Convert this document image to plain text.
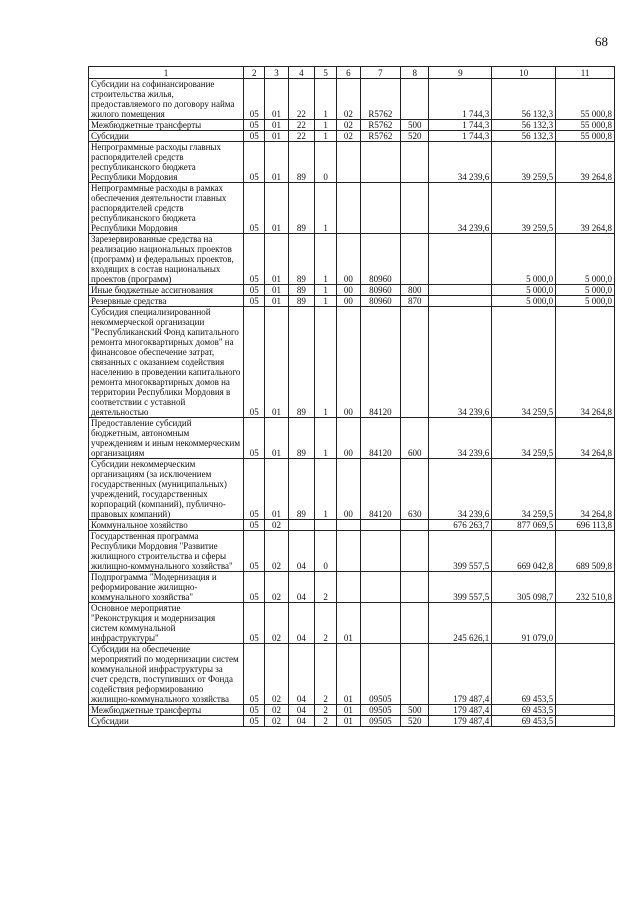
68
1	2	3	4	5	6	7	8	9	10	11
Субсидии на софинансирование строительства жилья, предоставляемого по договору найма жилого помещения	05	01	22	1	02	R5762		1 744,3	56 132,3	55 000,8
Межбюджетные трансферты	05	01	22	1	02	R5762	500	1 744,3	56 132,3	55 000,8
Субсидии	05	01	22	1	02	R5762	520	1 744,3	56 132,3	55 000,8
Непрограммные расходы главных распорядителей средств республиканского бюджета Республики Мордовия	05	01	89	0				34 239,6	39 259,5	39 264,8
Непрограммные расходы в рамках обеспечения деятельности главных распорядителей средств республиканского бюджета Республики Мордовия	05	01	89	1				34 239,6	39 259,5	39 264,8
Зарезервированные средства на реализацию национальных проектов (программ) и федеральных проектов, входящих в состав национальных проектов (программ)	05	01	89	1	00	80960			5 000,0	5 000,0
Иные бюджетные ассигнования	05	01	89	1	00	80960	800		5 000,0	5 000,0
Резервные средства	05	01	89	1	00	80960	870		5 000,0	5 000,0
Субсидия специализированной некоммерческой организации "Республиканский Фонд капитального ремонта многоквартирных домов" на финансовое обеспечение затрат, связанных с оказанием содействия населению в проведении капитального ремонта многоквартирных домов на территории Республики Мордовия в соответствии с уставной деятельностью	05	01	89	1	00	84120		34 239,6	34 259,5	34 264,8
Предоставление субсидий бюджетным, автономным учреждениям и иным некоммерческим организациям	05	01	89	1	00	84120	600	34 239,6	34 259,5	34 264,8
Субсидии некоммерческим организациям (за исключением государственных (муниципальных) учреждений, государственных корпораций (компаний), публично-правовых компаний)	05	01	89	1	00	84120	630	34 239,6	34 259,5	34 264,8
Коммунальное хозяйство	05	02						676 263,7	877 069,5	696 113,8
Государственная программа Республики Мордовия "Развитие жилищного строительства и сферы жилищно-коммунального хозяйства"	05	02	04	0				399 557,5	669 042,8	689 509,8
Подпрограмма "Модернизация и реформирование жилищно-коммунального хозяйства"	05	02	04	2				399 557,5	305 098,7	232 510,8
Основное мероприятие "Реконструкция и модернизация систем коммунальной инфраструктуры"	05	02	04	2	01			245 626,1	91 079,0	
Субсидии на обеспечение мероприятий по модернизации систем коммунальной инфраструктуры за счет средств, поступивших от Фонда содействия реформированию жилищно-коммунального хозяйства	05	02	04	2	01	09505		179 487,4	69 453,5	
Межбюджетные трансферты	05	02	04	2	01	09505	500	179 487,4	69 453,5	
Субсидии	05	02	04	2	01	09505	520	179 487,4	69 453,5	
